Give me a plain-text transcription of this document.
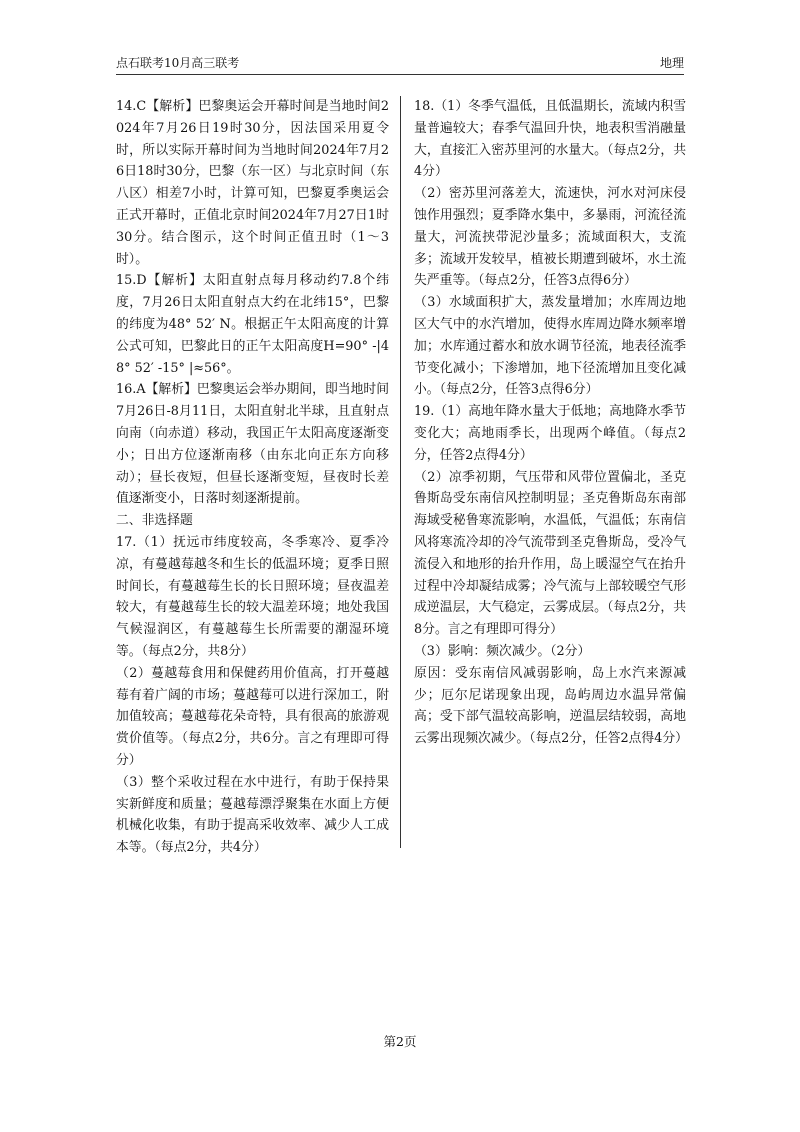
点石联考10月高三联考	地理

14.C【解析】巴黎奥运会开幕时间是当地时间2024年7月26日19时30分，因法国采用夏令时，所以实际开幕时间为当地时间2024年7月26日18时30分，巴黎（东一区）与北京时间（东八区）相差7小时，计算可知，巴黎夏季奥运会正式开幕时，正值北京时间2024年7月27日1时30分。结合图示，这个时间正值丑时（1～3时）。

15.D【解析】太阳直射点每月移动约7.8个纬度，7月26日太阳直射点大约在北纬15°，巴黎的纬度为48° 52′ N。根据正午太阳高度的计算公式可知，巴黎此日的正午太阳高度H=90° -|48° 52′ -15° |≈56°。

16.A【解析】巴黎奥运会举办期间，即当地时间7月26日-8月11日，太阳直射北半球，且直射点向南（向赤道）移动，我国正午太阳高度逐渐变小；日出方位逐渐南移（由东北向正东方向移动）；昼长夜短，但昼长逐渐变短，昼夜时长差值逐渐变小，日落时刻逐渐提前。

二、非选择题

17.（1）抚远市纬度较高，冬季寒冷、夏季冷凉，有蔓越莓越冬和生长的低温环境；夏季日照时间长，有蔓越莓生长的长日照环境；昼夜温差较大，有蔓越莓生长的较大温差环境；地处我国气候湿润区，有蔓越莓生长所需要的潮湿环境等。（每点2分，共8分）

（2）蔓越莓食用和保健药用价值高，打开蔓越莓有着广阔的市场；蔓越莓可以进行深加工，附加值较高；蔓越莓花朵奇特，具有很高的旅游观赏价值等。（每点2分，共6分。言之有理即可得分）

（3）整个采收过程在水中进行，有助于保持果实新鲜度和质量；蔓越莓漂浮聚集在水面上方便机械化收集，有助于提高采收效率、减少人工成本等。（每点2分，共4分）

18.（1）冬季气温低，且低温期长，流域内积雪量普遍较大；春季气温回升快，地表积雪消融量大，直接汇入密苏里河的水量大。（每点2分，共4分）

（2）密苏里河落差大，流速快，河水对河床侵蚀作用强烈；夏季降水集中，多暴雨，河流径流量大，河流挟带泥沙量多；流域面积大，支流多；流域开发较早，植被长期遭到破坏，水土流失严重等。（每点2分，任答3点得6分）

（3）水域面积扩大，蒸发量增加；水库周边地区大气中的水汽增加，使得水库周边降水频率增加；水库通过蓄水和放水调节径流，地表径流季节变化减小；下渗增加，地下径流增加且变化减小。（每点2分，任答3点得6分）

19.（1）高地年降水量大于低地；高地降水季节变化大；高地雨季长，出现两个峰值。（每点2分，任答2点得4分）

（2）凉季初期，气压带和风带位置偏北，圣克鲁斯岛受东南信风控制明显；圣克鲁斯岛东南部海域受秘鲁寒流影响，水温低，气温低；东南信风将寒流冷却的冷气流带到圣克鲁斯岛，受冷气流侵入和地形的抬升作用，岛上暖湿空气在抬升过程中冷却凝结成雾；冷气流与上部较暖空气形成逆温层，大气稳定，云雾成层。（每点2分，共8分。言之有理即可得分）

（3）影响：频次减少。（2分）

原因：受东南信风减弱影响，岛上水汽来源减少；厄尔尼诺现象出现，岛屿周边水温异常偏高；受下部气温较高影响，逆温层结较弱，高地云雾出现频次减少。（每点2分，任答2点得4分）

第2页
